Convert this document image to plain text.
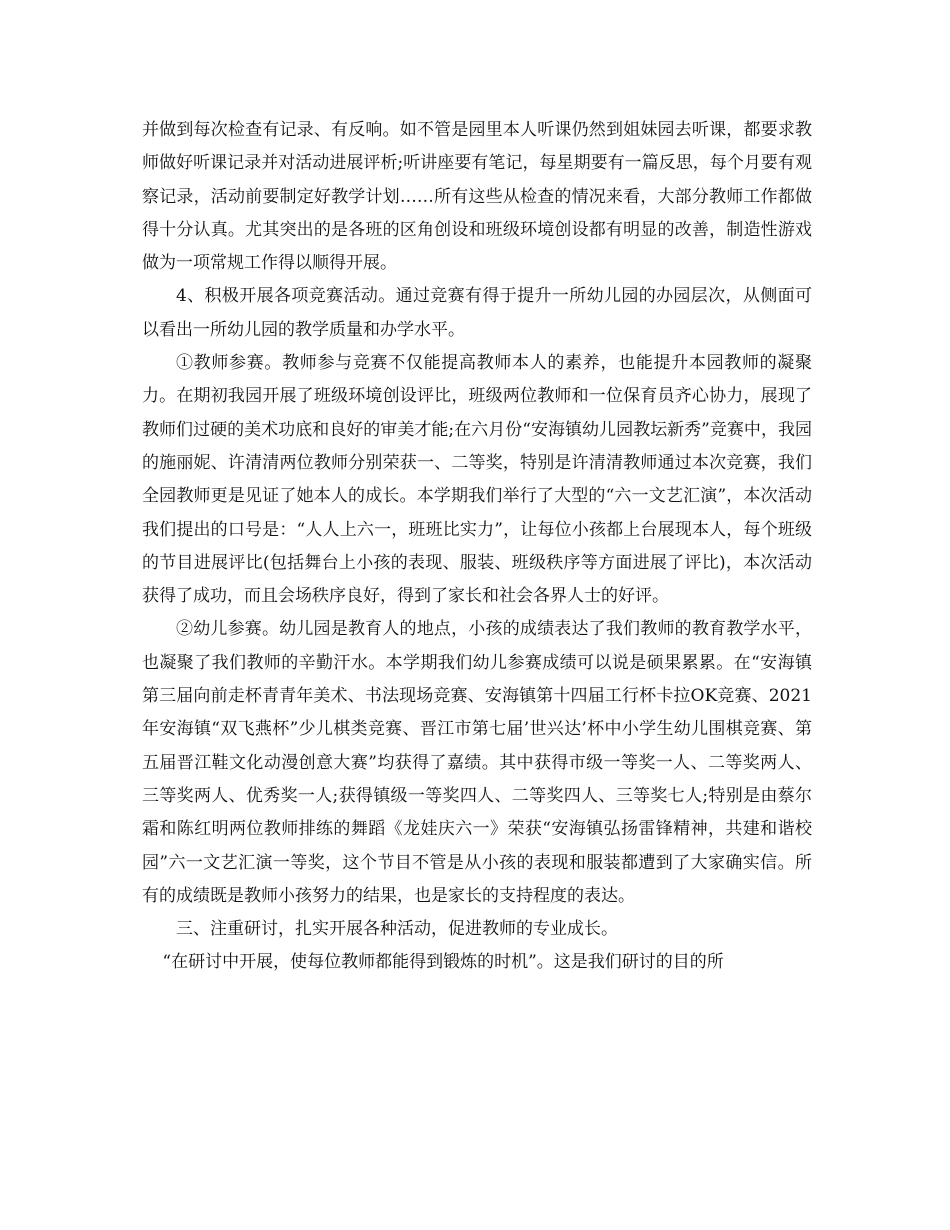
并做到每次检查有记录、有反响。如不管是园里本人听课仍然到姐妹园去听课，都要求教师做好听课记录并对活动进展评析;听讲座要有笔记，每星期要有一篇反思，每个月要有观察记录，活动前要制定好教学计划……所有这些从检查的情况来看，大部分教师工作都做得十分认真。尤其突出的是各班的区角创设和班级环境创设都有明显的改善，制造性游戏做为一项常规工作得以顺得开展。

4、积极开展各项竞赛活动。通过竞赛有得于提升一所幼儿园的办园层次，从侧面可以看出一所幼儿园的教学质量和办学水平。

①教师参赛。教师参与竞赛不仅能提高教师本人的素养，也能提升本园教师的凝聚力。在期初我园开展了班级环境创设评比，班级两位教师和一位保育员齐心协力，展现了教师们过硬的美术功底和良好的审美才能;在六月份“安海镇幼儿园教坛新秀”竞赛中，我园的施丽妮、许清清两位教师分别荣获一、二等奖，特别是许清清教师通过本次竞赛，我们全园教师更是见证了她本人的成长。本学期我们举行了大型的“六一文艺汇演”，本次活动我们提出的口号是：“人人上六一，班班比实力”，让每位小孩都上台展现本人，每个班级的节目进展评比(包括舞台上小孩的表现、服装、班级秩序等方面进展了评比)，本次活动获得了成功，而且会场秩序良好，得到了家长和社会各界人士的好评。

②幼儿参赛。幼儿园是教育人的地点，小孩的成绩表达了我们教师的教育教学水平，也凝聚了我们教师的辛勤汗水。本学期我们幼儿参赛成绩可以说是硕果累累。在“安海镇第三届向前走杯青青年美术、书法现场竞赛、安海镇第十四届工行杯卡拉OK竞赛、2021年安海镇“双飞燕杯”少儿棋类竞赛、晋江市第七届’世兴达’杯中小学生幼儿围棋竞赛、第五届晋江鞋文化动漫创意大赛”均获得了嘉绩。其中获得市级一等奖一人、二等奖两人、三等奖两人、优秀奖一人;获得镇级一等奖四人、二等奖四人、三等奖七人;特别是由蔡尔霜和陈红明两位教师排练的舞蹈《龙娃庆六一》荣获“安海镇弘扬雷锋精神，共建和谐校园”六一文艺汇演一等奖，这个节目不管是从小孩的表现和服装都遭到了大家确实信。所有的成绩既是教师小孩努力的结果，也是家长的支持程度的表达。

三、注重研讨，扎实开展各种活动，促进教师的专业成长。

“在研讨中开展，使每位教师都能得到锻炼的时机”。这是我们研讨的目的所
